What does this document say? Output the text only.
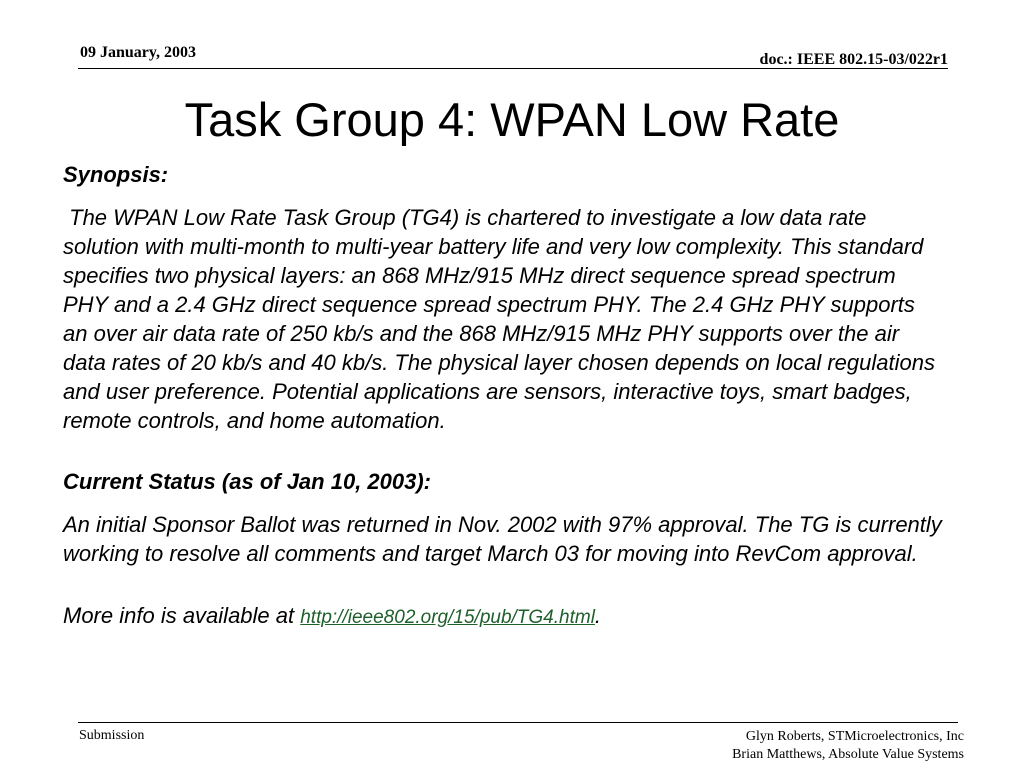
09 January, 2003	doc.: IEEE 802.15-03/022r1
Task Group 4: WPAN Low Rate

Synopsis:

The WPAN Low Rate Task Group (TG4) is chartered to investigate a low data rate solution with multi-month to multi-year battery life and very low complexity. This standard specifies two physical layers: an 868 MHz/915 MHz direct sequence spread spectrum PHY and a 2.4 GHz direct sequence spread spectrum PHY. The 2.4 GHz PHY supports an over air data rate of 250 kb/s and the 868 MHz/915 MHz PHY supports over the air data rates of 20 kb/s and 40 kb/s. The physical layer chosen depends on local regulations and user preference. Potential applications are sensors, interactive toys, smart badges, remote controls, and home automation.

Current Status (as of Jan 10, 2003):

An initial Sponsor Ballot was returned in Nov. 2002 with 97% approval. The TG is currently working to resolve all comments and target March 03 for moving into RevCom approval.

More info is available at http://ieee802.org/15/pub/TG4.html.

Submission	Glyn Roberts, STMicroelectronics, Inc
Brian Matthews, Absolute Value Systems
